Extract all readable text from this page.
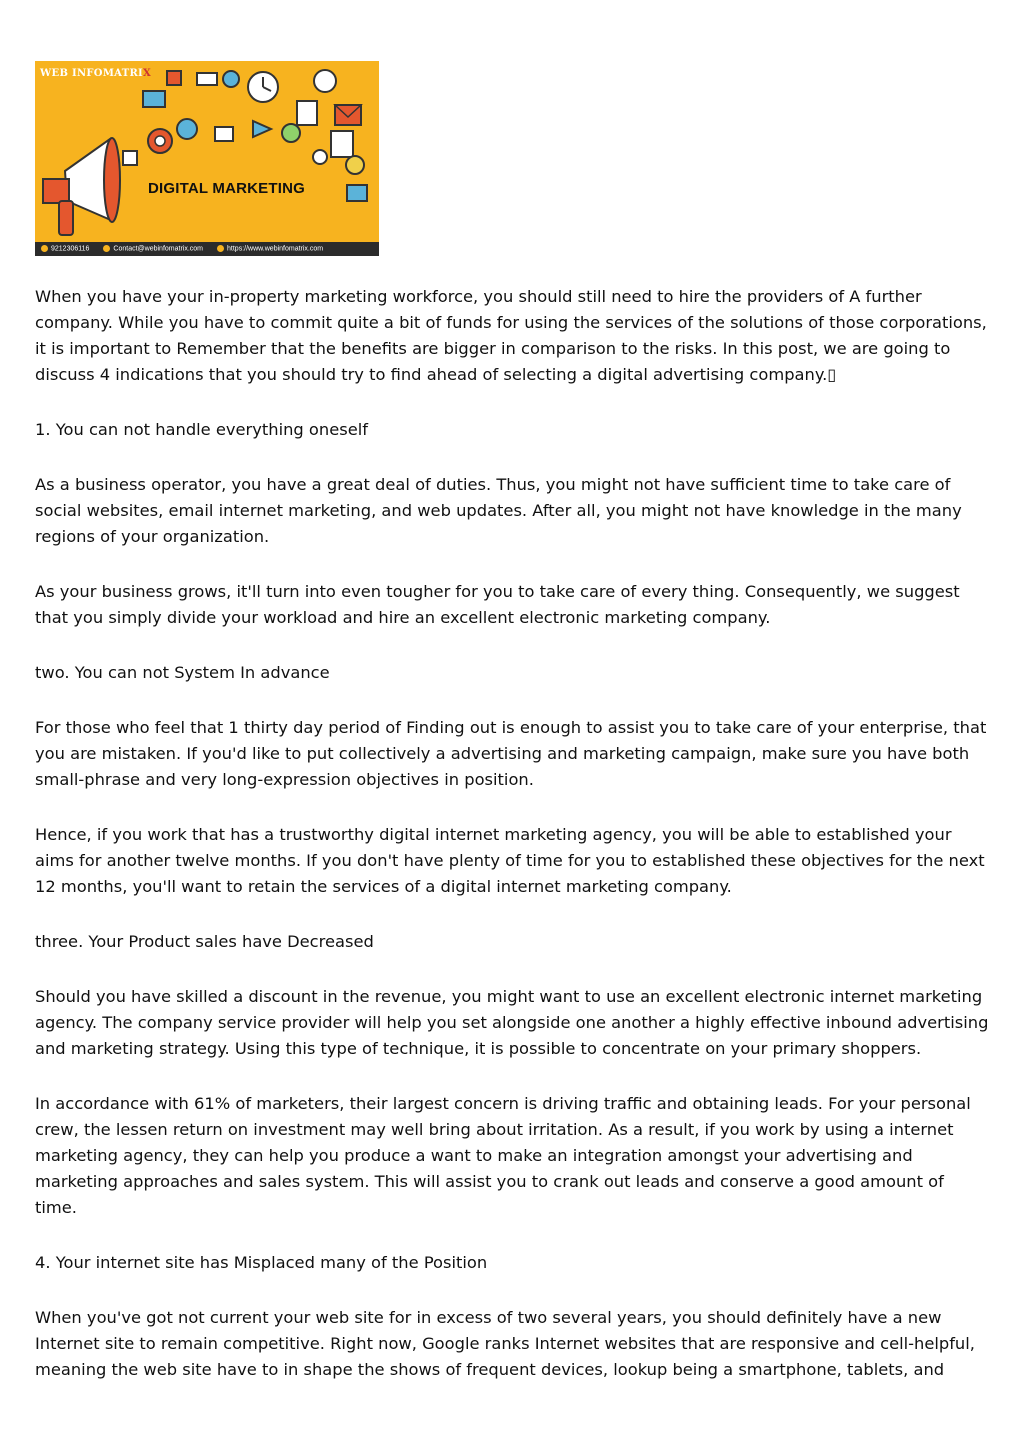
WEB INFOMATRIX
DIGITAL MARKETING
9212306116	Contact@webinfomatrix.com	https://www.webinfomatrix.com

When you have your in-property marketing workforce, you should still need to hire the providers of A further company. While you have to commit quite a bit of funds for using the services of the solutions of those corporations, it is important to Remember that the benefits are bigger in comparison to the risks. In this post, we are going to discuss 4 indications that you should try to find ahead of selecting a digital advertising company.▯

1. You can not handle everything oneself

As a business operator, you have a great deal of duties. Thus, you might not have sufficient time to take care of social websites, email internet marketing, and web updates. After all, you might not have knowledge in the many regions of your organization.

As your business grows, it'll turn into even tougher for you to take care of every thing. Consequently, we suggest that you simply divide your workload and hire an excellent electronic marketing company.

two. You can not System In advance

For those who feel that 1 thirty day period of Finding out is enough to assist you to take care of your enterprise, that you are mistaken. If you'd like to put collectively a advertising and marketing campaign, make sure you have both small-phrase and very long-expression objectives in position.

Hence, if you work that has a trustworthy digital internet marketing agency, you will be able to established your aims for another twelve months. If you don't have plenty of time for you to established these objectives for the next 12 months, you'll want to retain the services of a digital internet marketing company.

three. Your Product sales have Decreased

Should you have skilled a discount in the revenue, you might want to use an excellent electronic internet marketing agency. The company service provider will help you set alongside one another a highly effective inbound advertising and marketing strategy. Using this type of technique, it is possible to concentrate on your primary shoppers.

In accordance with 61% of marketers, their largest concern is driving traffic and obtaining leads. For your personal crew, the lessen return on investment may well bring about irritation. As a result, if you work by using a internet marketing agency, they can help you produce a want to make an integration amongst your advertising and marketing approaches and sales system. This will assist you to crank out leads and conserve a good amount of time.

4. Your internet site has Misplaced many of the Position

When you've got not current your web site for in excess of two several years, you should definitely have a new Internet site to remain competitive. Right now, Google ranks Internet websites that are responsive and cell-helpful, meaning the web site have to in shape the shows of frequent devices, lookup being a smartphone, tablets, and
